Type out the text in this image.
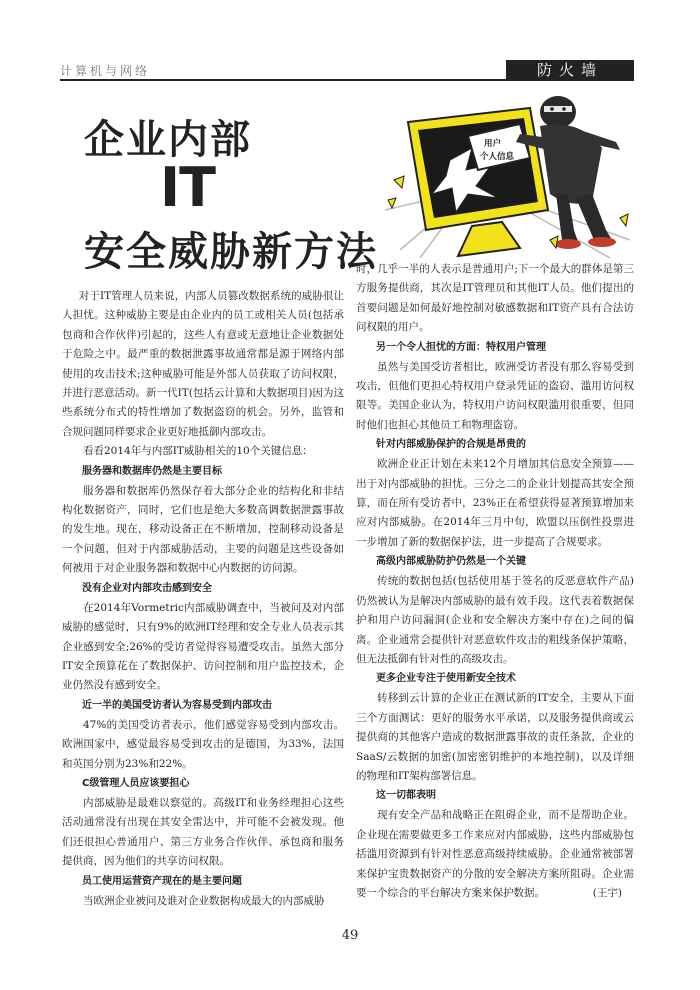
计算机与网络	防火墙
企业内部
IT
安全威胁新方法
用户
个人信息

对于IT管理人员来说，内部人员篡改数据系统的威胁很让人担忧。这种威胁主要是由企业内的员工或相关人员(包括承包商和合作伙伴)引起的，这些人有意或无意地让企业数据处于危险之中。最严重的数据泄露事故通常都是源于网络内部使用的攻击技术;这种威胁可能是外部人员获取了访问权限，并进行恶意活动。新一代IT(包括云计算和大数据项目)因为这些系统分布式的特性增加了数据盗窃的机会。另外，监管和合规问题同样要求企业更好地抵御内部攻击。

看看2014年与内部IT威胁相关的10个关键信息：

服务器和数据库仍然是主要目标

服务器和数据库仍然保存着大部分企业的结构化和非结构化数据资产，同时，它们也是绝大多数高调数据泄露事故的发生地。现在，移动设备正在不断增加，控制移动设备是一个问题，但对于内部威胁活动，主要的问题是这些设备如何被用于对企业服务器和数据中心内数据的访问源。

没有企业对内部攻击感到安全

在2014年Vormetric内部威胁调查中，当被问及对内部威胁的感觉时，只有9%的欧洲IT经理和安全专业人员表示其企业感到安全;26%的受访者觉得容易遭受攻击。虽然大部分IT安全预算花在了数据保护、访问控制和用户监控技术，企业仍然没有感到安全。

近一半的美国受访者认为容易受到内部攻击

47%的美国受访者表示，他们感觉容易受到内部攻击。欧洲国家中，感觉最容易受到攻击的是德国，为33%，法国和英国分别为23%和22%。

C级管理人员应该要担心

内部威胁是最难以察觉的。高级IT和业务经理担心这些活动通常没有出现在其安全雷达中，并可能不会被发现。他们还很担心普通用户、第三方业务合作伙伴、承包商和服务提供商，因为他们的共享访问权限。

员工使用运营资产现在的是主要问题

当欧洲企业被问及谁对企业数据构成最大的内部威胁

时，几乎一半的人表示是普通用户;下一个最大的群体是第三方服务提供商，其次是IT管理员和其他IT人员。他们提出的首要问题是如何最好地控制对敏感数据和IT资产具有合法访问权限的用户。

另一个令人担忧的方面：特权用户管理

虽然与美国受访者相比，欧洲受访者没有那么容易受到攻击，但他们更担心特权用户登录凭证的盗窃、滥用访问权限等。美国企业认为，特权用户访问权限滥用很重要，但同时他们也担心其他员工和物理盗窃。

针对内部威胁保护的合规是昂贵的

欧洲企业正计划在未来12个月增加其信息安全预算——出于对内部威胁的担忧。三分之二的企业计划提高其安全预算，而在所有受访者中，23%正在希望获得显著预算增加来应对内部威胁。在2014年三月中旬，欧盟以压倒性投票进一步增加了新的数据保护法，进一步提高了合规要求。

高级内部威胁防护仍然是一个关键

传统的数据包括(包括使用基于签名的反恶意软件产品)仍然被认为是解决内部威胁的最有效手段。这代表着数据保护和用户访问漏洞(企业和安全解决方案中存在)之间的偏离。企业通常会提供针对恶意软件攻击的粗线条保护策略，但无法抵御有针对性的高级攻击。

更多企业专注于使用新安全技术

转移到云计算的企业正在测试新的IT安全，主要从下面三个方面测试：更好的服务水平承诺，以及服务提供商或云提供商的其他客户造成的数据泄露事故的责任条款，企业的SaaS/云数据的加密(加密密钥维护的本地控制)，以及详细的物理和IT架构部署信息。

这一切都表明

现有安全产品和战略正在阻碍企业，而不是帮助企业。企业现在需要做更多工作来应对内部威胁，这些内部威胁包括滥用资源到有针对性恶意高级持续威胁。企业通常被部署来保护宝贵数据资产的分散的安全解决方案所阻碍。企业需要一个综合的平台解决方案来保护数据。	(王宇)

49
